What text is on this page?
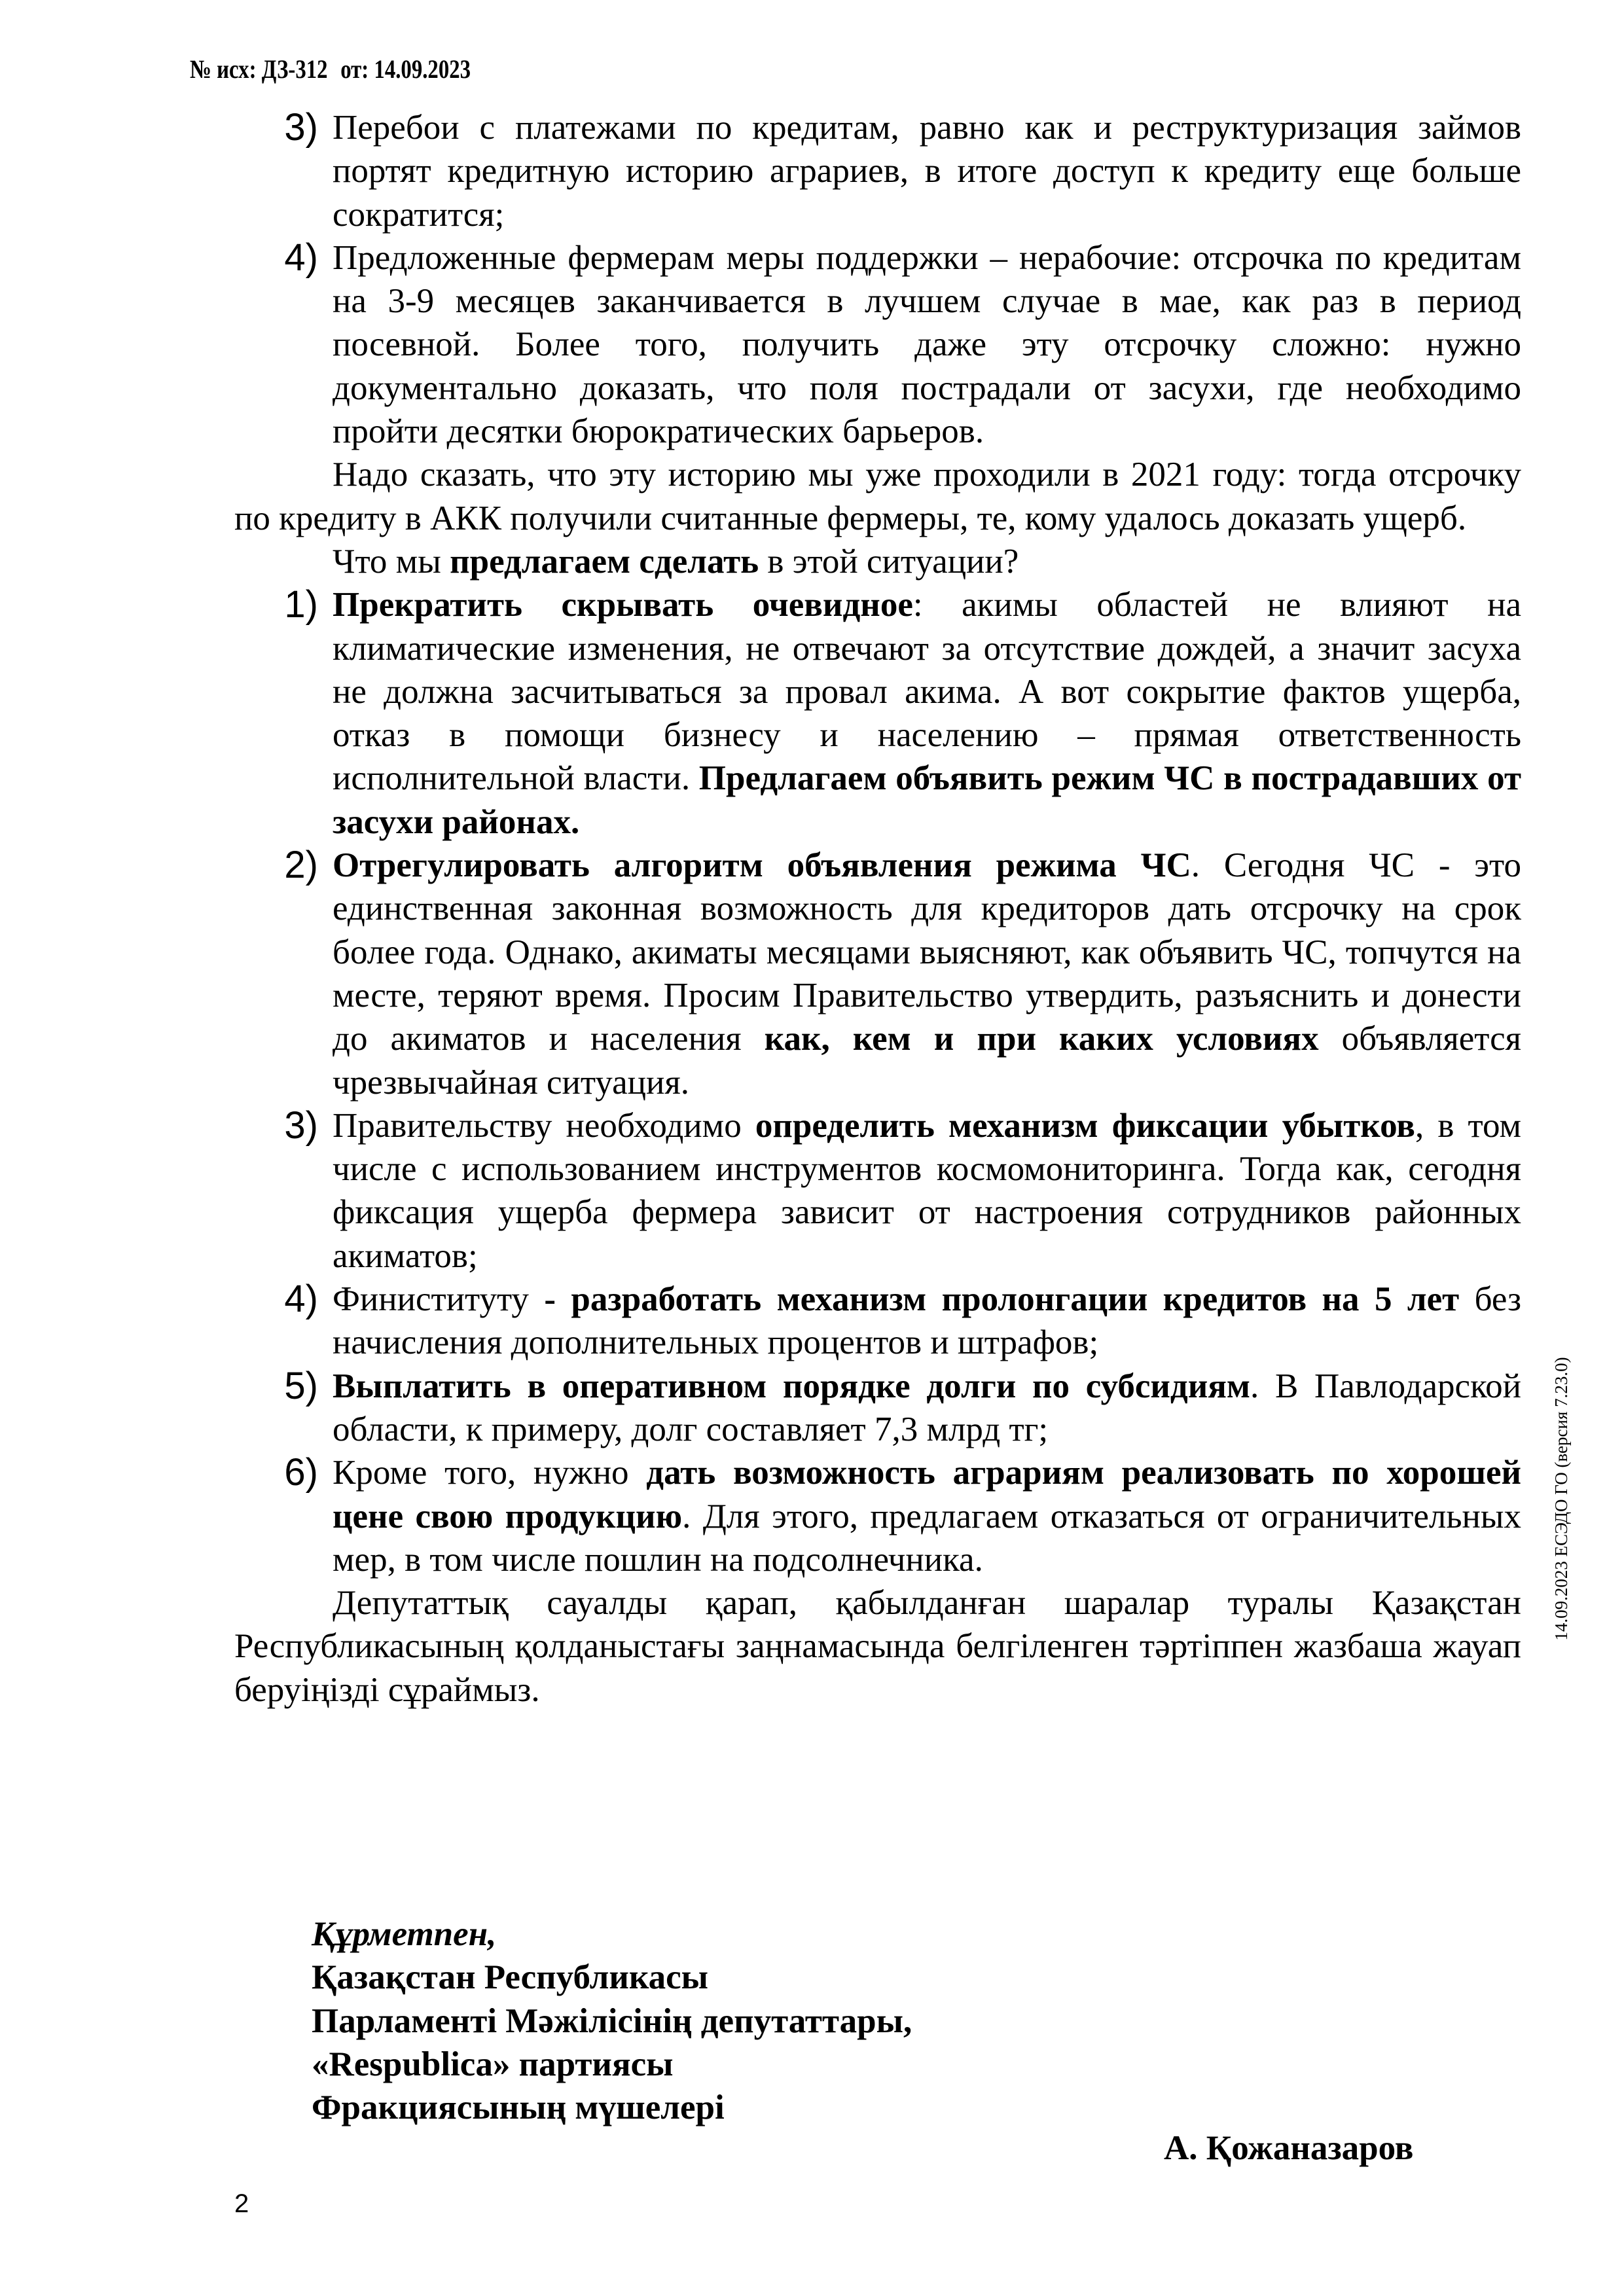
№ исх: ДЗ-312 от: 14.09.2023
3) Перебои с платежами по кредитам, равно как и реструктуризация займов портят кредитную историю аграриев, в итоге доступ к кредиту еще больше сократится;
4) Предложенные фермерам меры поддержки – нерабочие: отсрочка по кредитам на 3-9 месяцев заканчивается в лучшем случае в мае, как раз в период посевной. Более того, получить даже эту отсрочку сложно: нужно документально доказать, что поля пострадали от засухи, где необходимо пройти десятки бюрократических барьеров.
Надо сказать, что эту историю мы уже проходили в 2021 году: тогда отсрочку по кредиту в АКК получили считанные фермеры, те, кому удалось доказать ущерб.
Что мы предлагаем сделать в этой ситуации?
1) Прекратить скрывать очевидное: акимы областей не влияют на климатические изменения, не отвечают за отсутствие дождей, а значит засуха не должна засчитываться за провал акима. А вот сокрытие фактов ущерба, отказ в помощи бизнесу и населению – прямая ответственность исполнительной власти. Предлагаем объявить режим ЧС в пострадавших от засухи районах.
2) Отрегулировать алгоритм объявления режима ЧС. Сегодня ЧС - это единственная законная возможность для кредиторов дать отсрочку на срок более года. Однако, акиматы месяцами выясняют, как объявить ЧС, топчутся на месте, теряют время. Просим Правительство утвердить, разъяснить и донести до акиматов и населения как, кем и при каких условиях объявляется чрезвычайная ситуация.
3) Правительству необходимо определить механизм фиксации убытков, в том числе с использованием инструментов космомониторинга. Тогда как, сегодня фиксация ущерба фермера зависит от настроения сотрудников районных акиматов;
4) Финиституту - разработать механизм пролонгации кредитов на 5 лет без начисления дополнительных процентов и штрафов;
5) Выплатить в оперативном порядке долги по субсидиям. В Павлодарской области, к примеру, долг составляет 7,3 млрд тг;
6) Кроме того, нужно дать возможность аграриям реализовать по хорошей цене свою продукцию. Для этого, предлагаем отказаться от ограничительных мер, в том числе пошлин на подсолнечника.
Депутаттық сауалды қарап, қабылданған шаралар туралы Қазақстан Республикасының қолданыстағы заңнамасында белгіленген тәртіппен жазбаша жауап беруіңізді сұраймыз.
Құрметпен,
Қазақстан Республикасы
Парламенті Мәжілісінің депутаттары,
«Respublica» партиясы
Фракциясының мүшелері
А. Қожаназаров
2
14.09.2023 ЕСЭДО ГО (версия 7.23.0)
